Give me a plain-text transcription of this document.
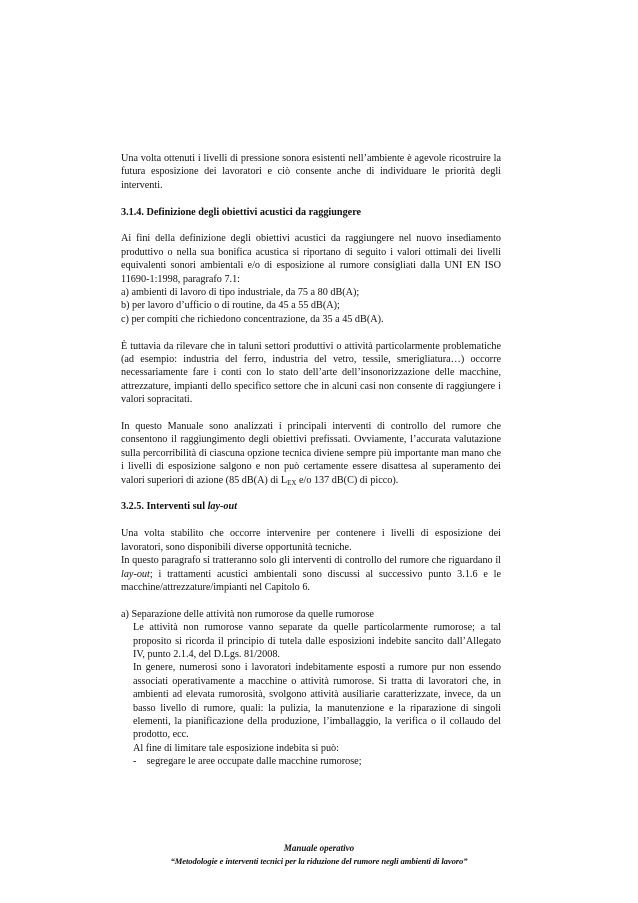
Una volta ottenuti i livelli di pressione sonora esistenti nell’ambiente è agevole ricostruire la futura esposizione dei lavoratori e ciò consente anche di individuare le priorità degli interventi.

3.1.4. Definizione degli obiettivi acustici da raggiungere
Ai fini della definizione degli obiettivi acustici da raggiungere nel nuovo insediamento produttivo o nella sua bonifica acustica si riportano di seguito i valori ottimali dei livelli equivalenti sonori ambientali e/o di esposizione al rumore consigliati dalla UNI EN ISO 11690-1:1998, paragrafo 7.1:
a) ambienti di lavoro di tipo industriale, da 75 a 80 dB(A);
b) per lavoro d’ufficio o di routine, da 45 a 55 dB(A);
c) per compiti che richiedono concentrazione, da 35 a 45 dB(A).

È tuttavia da rilevare che in taluni settori produttivi o attività particolarmente problematiche (ad esempio: industria del ferro, industria del vetro, tessile, smerigliatura…) occorre necessariamente fare i conti con lo stato dell’arte dell’insonorizzazione delle macchine, attrezzature, impianti dello specifico settore che in alcuni casi non consente di raggiungere i valori sopracitati.

In questo Manuale sono analizzati i principali interventi di controllo del rumore che consentono il raggiungimento degli obiettivi prefissati. Ovviamente, l’accurata valutazione sulla percorribilità di ciascuna opzione tecnica diviene sempre più importante man mano che i livelli di esposizione salgono e non può certamente essere disattesa al superamento dei valori superiori di azione (85 dB(A) di $L_{EX}$ e/o 137 dB(C) di picco).

3.2.5. Interventi sul lay-out

Una volta stabilito che occorre intervenire per contenere i livelli di esposizione dei lavoratori, sono disponibili diverse opportunità tecniche.
In questo paragrafo si tratteranno solo gli interventi di controllo del rumore che riguardano il lay-out; i trattamenti acustici ambientali sono discussi al successivo punto 3.1.6 e le macchine/attrezzature/impianti nel Capitolo 6.

a) Separazione delle attività non rumorose da quelle rumorose
Le attività non rumorose vanno separate da quelle particolarmente rumorose; a tal proposito si ricorda il principio di tutela dalle esposizioni indebite sancito dall’Allegato IV, punto 2.1.4, del D.Lgs. 81/2008.
In genere, numerosi sono i lavoratori indebitamente esposti a rumore pur non essendo associati operativamente a macchine o attività rumorose. Si tratta di lavoratori che, in ambienti ad elevata rumorosità, svolgono attività ausiliarie caratterizzate, invece, da un basso livello di rumore, quali: la pulizia, la manutenzione e la riparazione di singoli elementi, la pianificazione della produzione, l’imballaggio, la verifica o il collaudo del prodotto, ecc.
Al fine di limitare tale esposizione indebita si può:
-    segregare le aree occupate dalle macchine rumorose;
Manuale operativo
“Metodologie e interventi tecnici per la riduzione del rumore negli ambienti di lavoro”
